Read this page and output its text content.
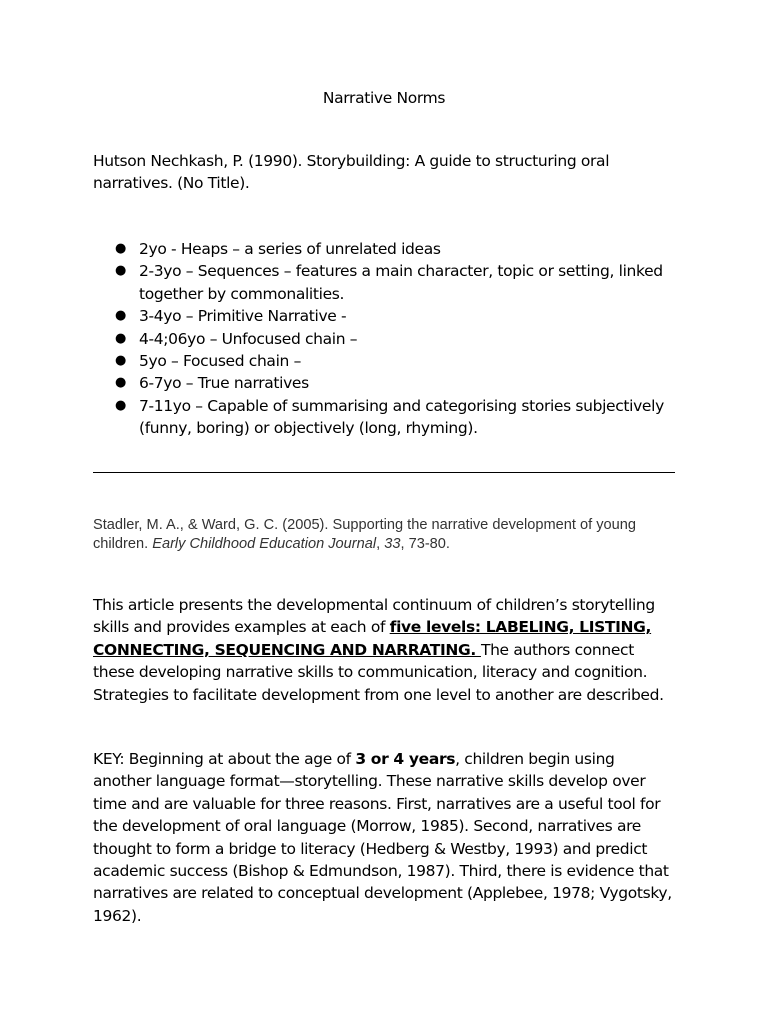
Narrative Norms

Hutson Nechkash, P. (1990). Storybuilding: A guide to structuring oral narratives. (No Title).

● 2yo - Heaps – a series of unrelated ideas
● 2-3yo – Sequences – features a main character, topic or setting, linked together by commonalities.
● 3-4yo – Primitive Narrative -
● 4-4;06yo – Unfocused chain –
● 5yo – Focused chain –
● 6-7yo – True narratives
● 7-11yo – Capable of summarising and categorising stories subjectively (funny, boring) or objectively (long, rhyming).

Stadler, M. A., & Ward, G. C. (2005). Supporting the narrative development of young children. Early Childhood Education Journal, 33, 73-80.

This article presents the developmental continuum of children’s storytelling skills and provides examples at each of five levels: LABELING, LISTING, CONNECTING, SEQUENCING AND NARRATING. The authors connect these developing narrative skills to communication, literacy and cognition. Strategies to facilitate development from one level to another are described.

KEY: Beginning at about the age of 3 or 4 years, children begin using another language format—storytelling. These narrative skills develop over time and are valuable for three reasons. First, narratives are a useful tool for the development of oral language (Morrow, 1985). Second, narratives are thought to form a bridge to literacy (Hedberg & Westby, 1993) and predict academic success (Bishop & Edmundson, 1987). Third, there is evidence that narratives are related to conceptual development (Applebee, 1978; Vygotsky, 1962).
